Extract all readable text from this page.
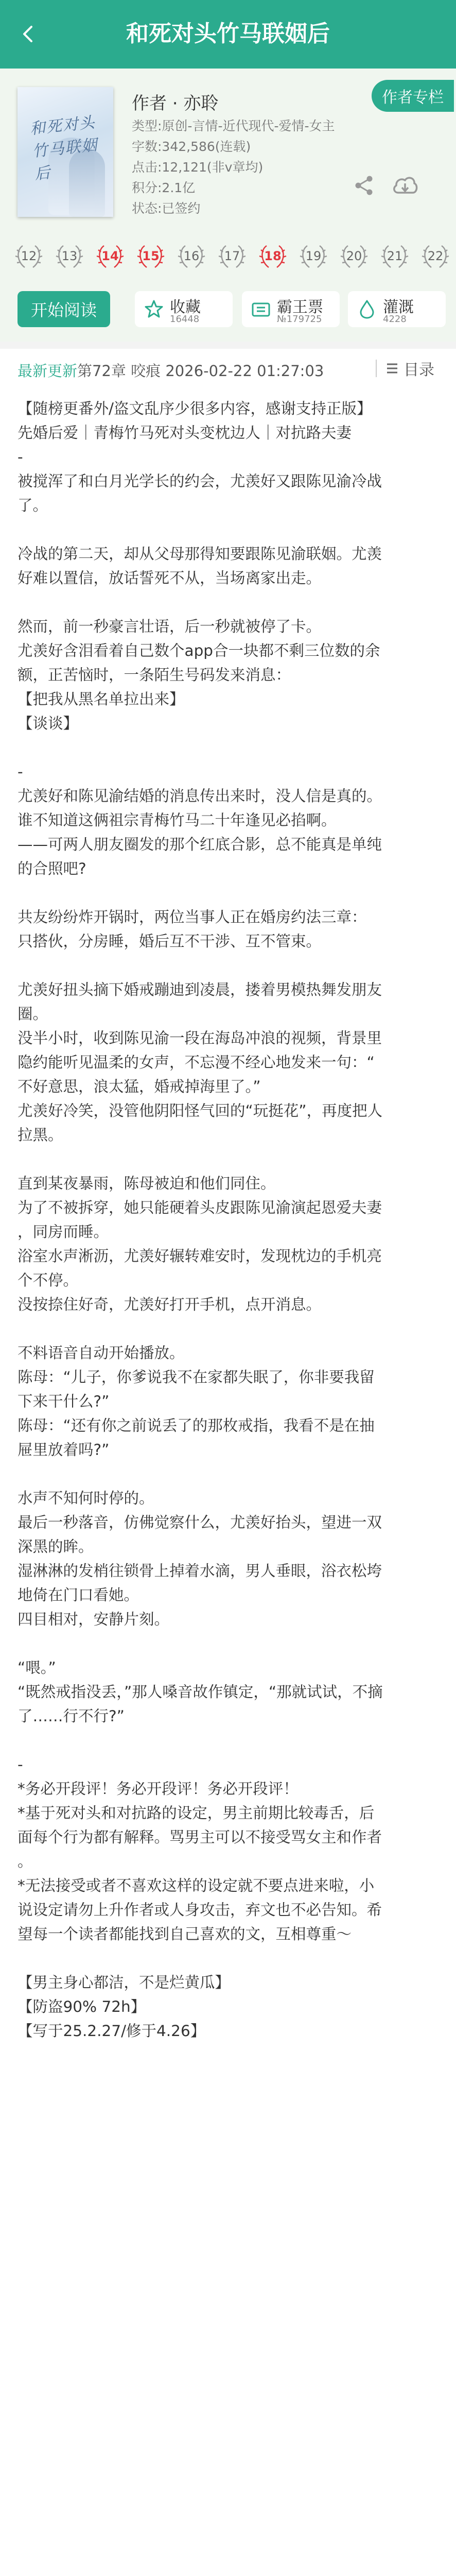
和死对头竹马联姻后
和死对头竹马联姻后
作者 · 亦聆
类型:原创-言情-近代现代-爱情-女主
字数:342,586(连载)
点击:12,121(非v章均)
积分:2.1亿
状态:已签约
作者专栏
12 13 14 15 16 17 18 19 20 21 22
开始阅读	收藏
16448
霸王票
№179725
灌溉
4228
最新更新第72章 咬痕 2026-02-22 01:27:03	目录
【随榜更番外/盗文乱序少很多内容，感谢支持正版】
先婚后爱｜青梅竹马死对头变枕边人｜对抗路夫妻
-
被搅浑了和白月光学长的约会，尤羡好又跟陈见渝冷战
了。
冷战的第二天，却从父母那得知要跟陈见渝联姻。尤羡
好难以置信，放话誓死不从，当场离家出走。
然而，前一秒豪言壮语，后一秒就被停了卡。
尤羡好含泪看着自己数个app合一块都不剩三位数的余
额，正苦恼时，一条陌生号码发来消息：
【把我从黑名单拉出来】
【谈谈】
-
尤羡好和陈见渝结婚的消息传出来时，没人信是真的。
谁不知道这俩祖宗青梅竹马二十年逢见必掐啊。
——可两人朋友圈发的那个红底合影，总不能真是单纯
的合照吧?
共友纷纷炸开锅时，两位当事人正在婚房约法三章：
只搭伙，分房睡，婚后互不干涉、互不管束。
尤羡好扭头摘下婚戒蹦迪到凌晨，搂着男模热舞发朋友
圈。
没半小时，收到陈见渝一段在海岛冲浪的视频，背景里
隐约能听见温柔的女声，不忘漫不经心地发来一句：“
不好意思，浪太猛，婚戒掉海里了。”
尤羡好冷笑，没管他阴阳怪气回的“玩挺花”，再度把人
拉黑。
直到某夜暴雨，陈母被迫和他们同住。
为了不被拆穿，她只能硬着头皮跟陈见渝演起恩爱夫妻
，同房而睡。
浴室水声淅沥，尤羡好辗转难安时，发现枕边的手机亮
个不停。
没按捺住好奇，尤羡好打开手机，点开消息。
不料语音自动开始播放。
陈母：“儿子，你爹说我不在家都失眠了，你非要我留
下来干什么?”
陈母：“还有你之前说丢了的那枚戒指，我看不是在抽
屉里放着吗?”
水声不知何时停的。
最后一秒落音，仿佛觉察什么，尤羡好抬头，望进一双
深黑的眸。
湿淋淋的发梢往锁骨上掉着水滴，男人垂眼，浴衣松垮
地倚在门口看她。
四目相对，安静片刻。
“喂。”
“既然戒指没丢，”那人嗓音故作镇定，“那就试试，不摘
了……行不行?”
-
*务必开段评！务必开段评！务必开段评！
*基于死对头和对抗路的设定，男主前期比较毒舌，后
面每个行为都有解释。骂男主可以不接受骂女主和作者
。
*无法接受或者不喜欢这样的设定就不要点进来啦，小
说设定请勿上升作者或人身攻击，弃文也不必告知。希
望每一个读者都能找到自己喜欢的文，互相尊重～
【男主身心都洁，不是烂黄瓜】
【防盗90% 72h】
【写于25.2.27/修于4.26】
